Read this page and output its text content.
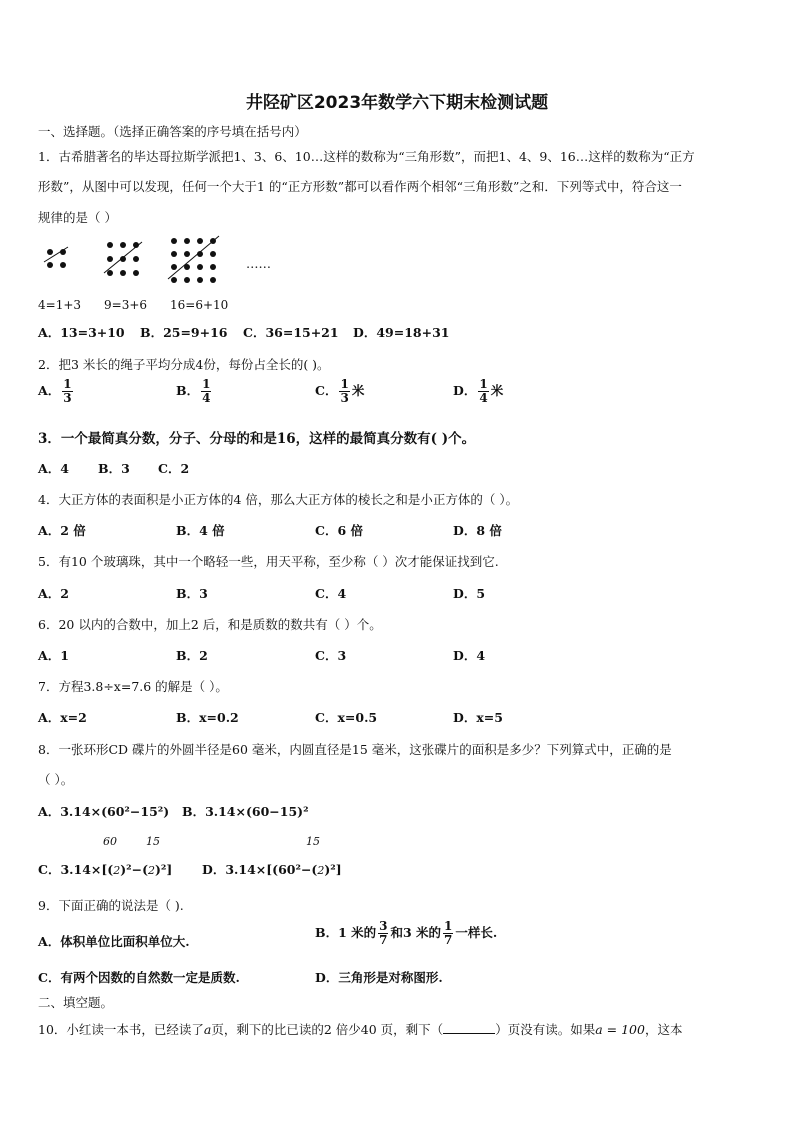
井陉矿区2023年数学六下期末检测试题
一、选择题。（选择正确答案的序号填在括号内）
1．古希腊著名的毕达哥拉斯学派把1、3、6、10…这样的数称为“三角形数”，而把1、4、9、16…这样的数称为“正方
形数”，从图中可以发现，任何一个大于1 的“正方形数”都可以看作两个相邻“三角形数”之和．下列等式中，符合这一
规律的是（ ）
……
4=1+3 9=3+6 16=6+10
A．13=3+10 B．25=9+16 C．36=15+21 D．49=18+31
2．把3 米长的绳子平均分成4份，每份占全长的( )。
A． $\frac{1}{3}$	B． $\frac{1}{4}$	C． $\frac{1}{3}$ 米	D． $\frac{1}{4}$ 米
3．一个最简真分数，分子、分母的和是16，这样的最简真分数有( )个。
A．4 B．3 C．2
4．大正方体的表面积是小正方体的4 倍，那么大正方体的棱长之和是小正方体的（ ）。
A．2 倍	B．4 倍	C．6 倍	D．8 倍
5．有10 个玻璃珠，其中一个略轻一些，用天平称，至少称（ ）次才能保证找到它.
A．2	B．3	C．4	D．5
6．20 以内的合数中，加上2 后，和是质数的数共有（ ）个。
A．1	B．2	C．3	D．4
7．方程3.8÷x=7.6 的解是（ ）。
A．x=2	B．x=0.2	C．x=0.5	D．x=5
8．一张环形CD 碟片的外圆半径是60 毫米，内圆直径是15 毫米，这张碟片的面积是多少？下列算式中，正确的是
（ ）。
A．3.14×(60²−15²) B．3.14×(60−15)²
60	15	15
C．3.14×[(2)²−(2)²] D．3.14×[(60²−(2)²]
9．下面正确的说法是（ ).
A．体积单位比面积单位大.
B．1 米的 $\frac{3}{7}$ 和3 米的 $\frac{1}{7}$ 一样长.
C．有两个因数的自然数一定是质数.	D．三角形是对称图形.
二、填空题。
10．小红读一本书，已经读了a页，剩下的比已读的2 倍少40 页，剩下（	）页没有读。如果a = 100，这本
